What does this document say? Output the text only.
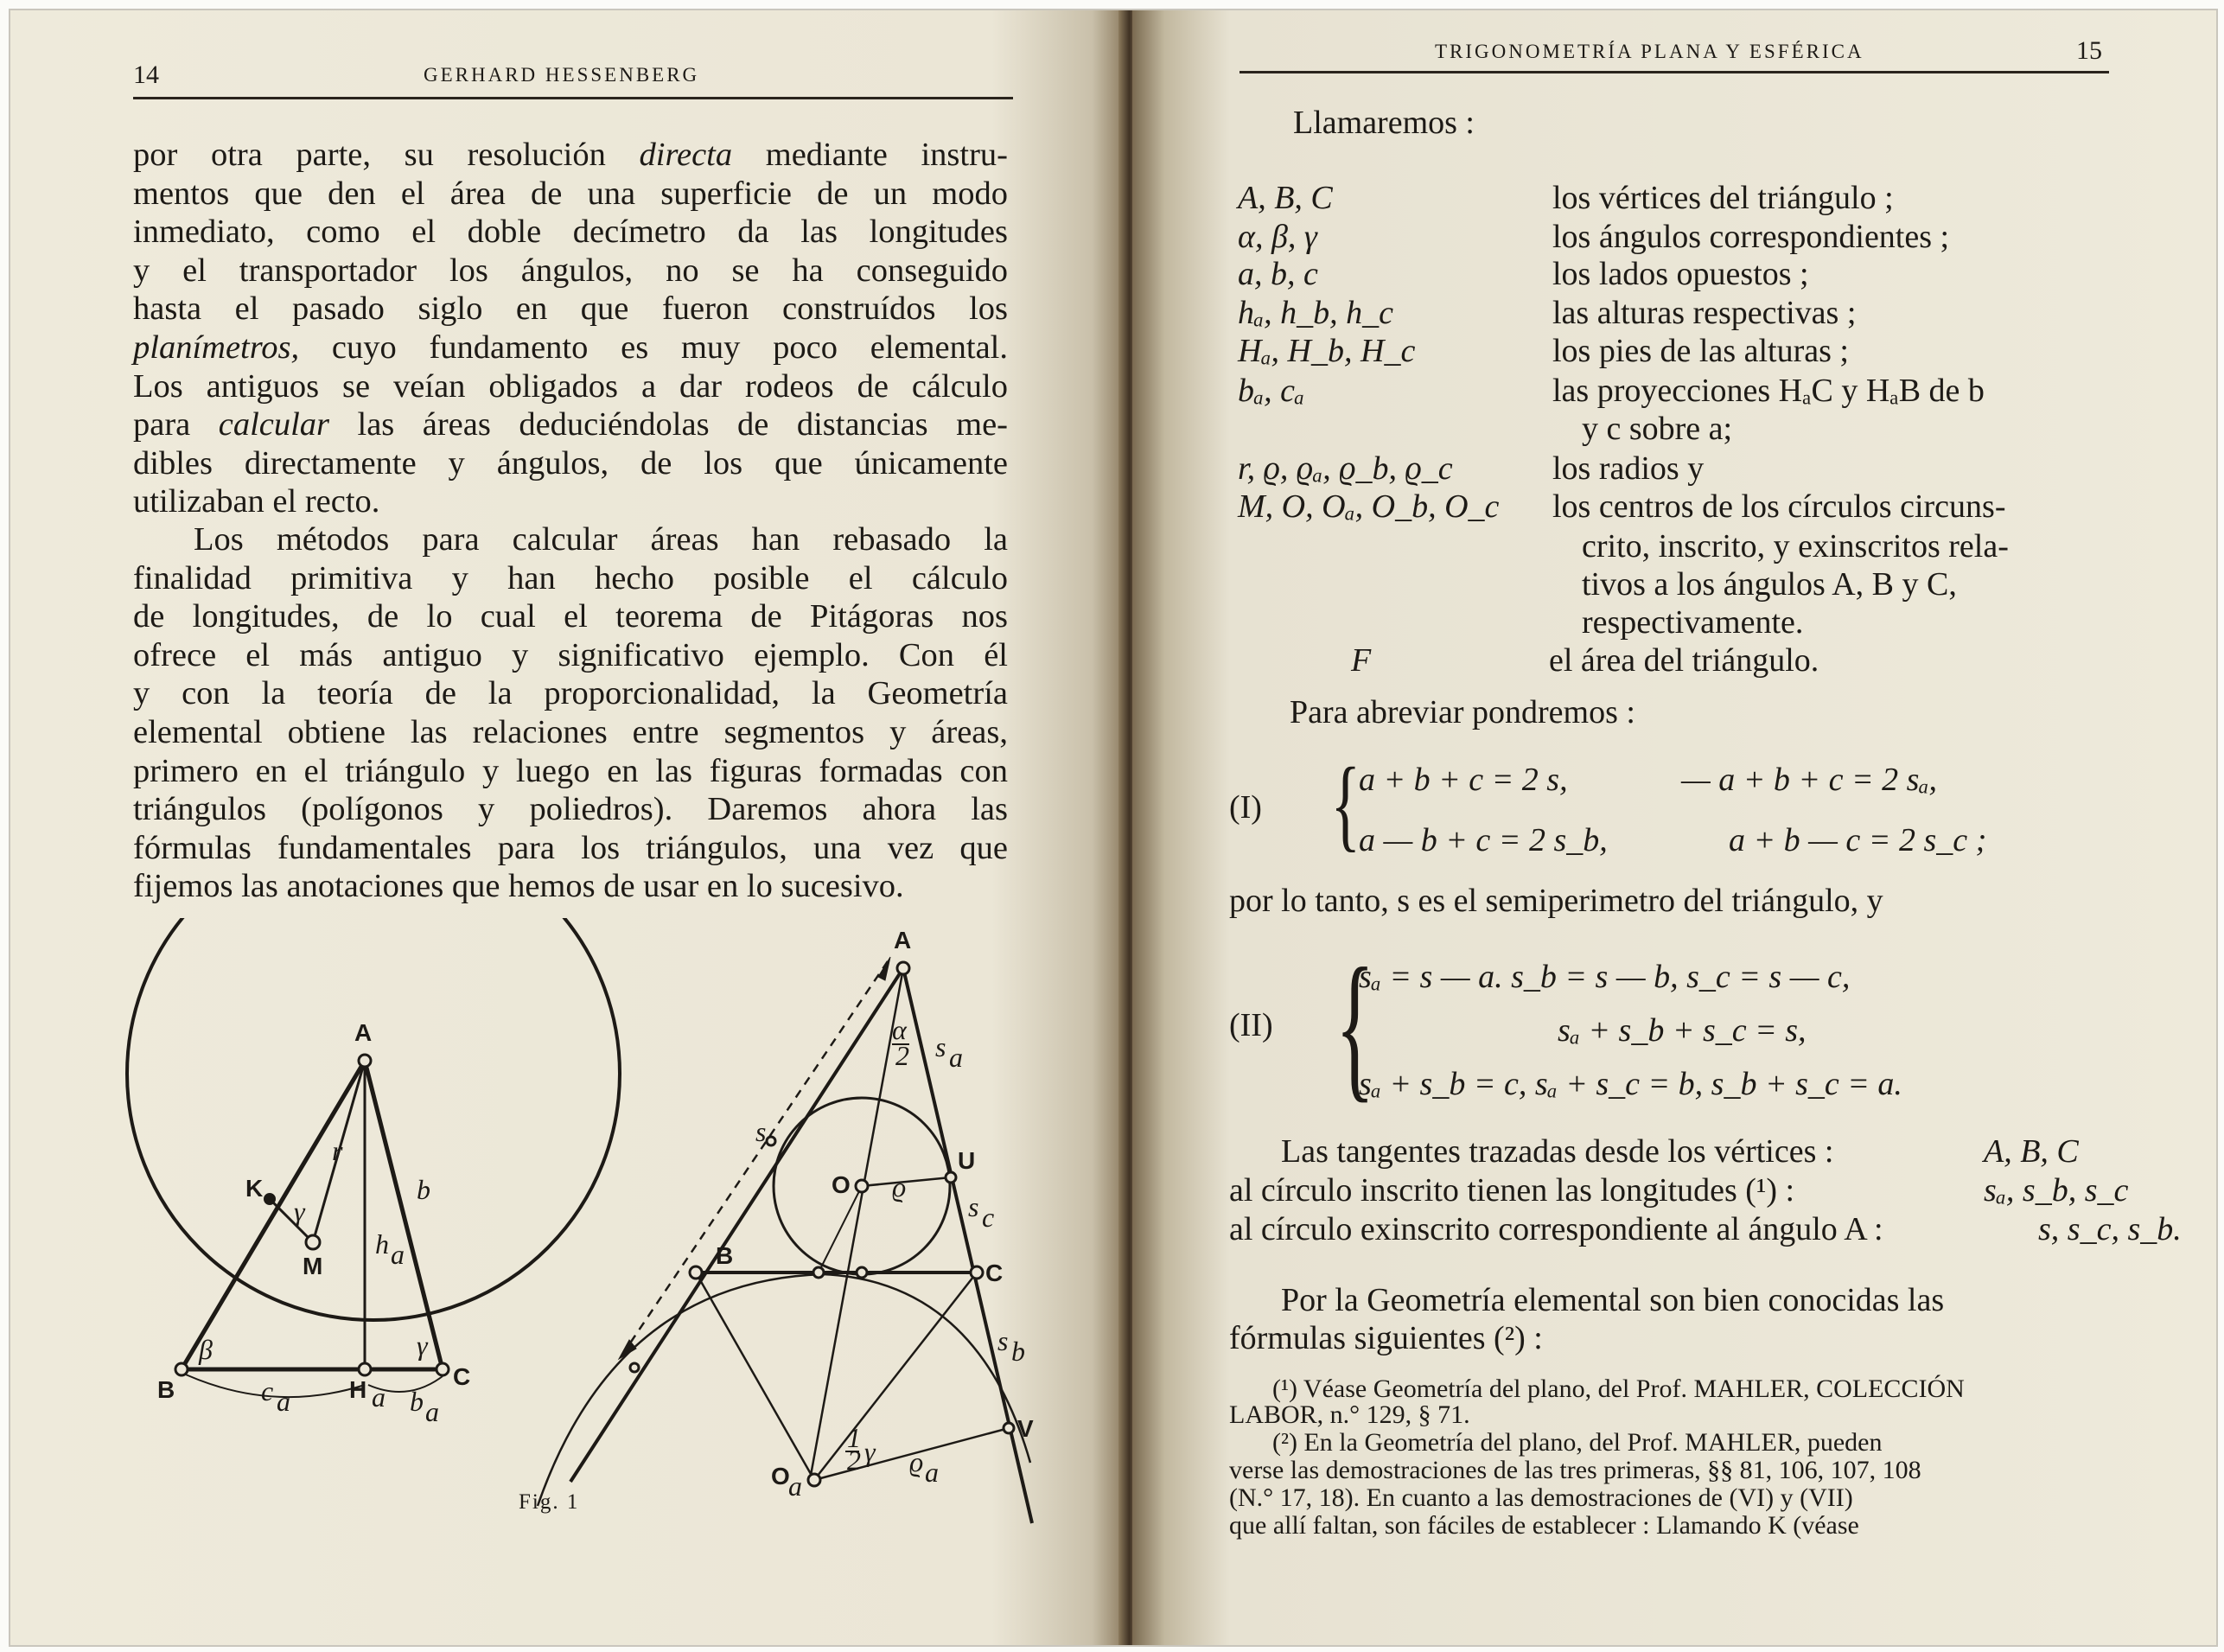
14	GERHARD HESSENBERG
por otra parte, su resolución directa mediante instru-
mentos que den el área de una superficie de un modo
inmediato, como el doble decímetro da las longitudes
y el transportador los ángulos, no se ha conseguido
hasta el pasado siglo en que fueron construídos los
planímetros, cuyo fundamento es muy poco elemental.
Los antiguos se veían obligados a dar rodeos de cálculo
para calcular las áreas deduciéndolas de distancias me-
dibles directamente y ángulos, de los que únicamente
utilizaban el recto.
Los métodos para calcular áreas han rebasado la
finalidad primitiva y han hecho posible el cálculo
de longitudes, de lo cual el teorema de Pitágoras nos
ofrece el más antiguo y significativo ejemplo. Con él
y con la teoría de la proporcionalidad, la Geometría
elemental obtiene las relaciones entre segmentos y áreas,
primero en el triángulo y luego en las figuras formadas con
triángulos (polígonos y poliedros). Daremos ahora las
fórmulas fundamentales para los triángulos, una vez que
fijemos las anotaciones que hemos de usar en lo sucesivo.
A
B	C
K
M
H a
r
b
γ
γ
β
h a
c a	b a
A
B
C
O
U
V
O
a
s
s a
s c
s b
ϱ
ϱ a
α
2
1
2 γ
Fig. 1
TRIGONOMETRÍA PLANA Y ESFÉRICA	15
Llamaremos :
A, B, C	los vértices del triángulo ;
α, β, γ	los ángulos correspondientes ;
a, b, c	los lados opuestos ;
hₐ, h_b, h_c	las alturas respectivas ;
Hₐ, H_b, H_c	los pies de las alturas ;
bₐ, cₐ	las proyecciones HₐC y HₐB de b
y c sobre a;
r, ϱ, ϱₐ, ϱ_b, ϱ_c	los radios y
M, O, Oₐ, O_b, O_c los centros de los círculos circuns-
crito, inscrito, y exinscritos rela-
tivos a los ángulos A, B y C,
respectivamente.
F	el área del triángulo.
Para abreviar pondremos :
(I) {
a + b + c = 2 s,	— a + b + c = 2 sₐ,
a — b + c = 2 s_b,	a + b — c = 2 s_c ;
por lo tanto, s es el semiperimetro del triángulo, y
(II) {
sₐ = s — a. s_b = s — b, s_c = s — c,
sₐ + s_b + s_c = s,
sₐ + s_b = c, sₐ + s_c = b, s_b + s_c = a.
Las tangentes trazadas desde los vértices :	A, B, C
al círculo inscrito tienen las longitudes (¹) :	sₐ, s_b, s_c
al círculo exinscrito correspondiente al ángulo A :	s, s_c, s_b.
Por la Geometría elemental son bien conocidas las
fórmulas siguientes (²) :
(¹) Véase Geometría del plano, del Prof. MAHLER, COLECCIÓN
LABOR, n.° 129, § 71.
(²) En la Geometría del plano, del Prof. MAHLER, pueden
verse las demostraciones de las tres primeras, §§ 81, 106, 107, 108
(N.° 17, 18). En cuanto a las demostraciones de (VI) y (VII)
que allí faltan, son fáciles de establecer : Llamando K (véase
